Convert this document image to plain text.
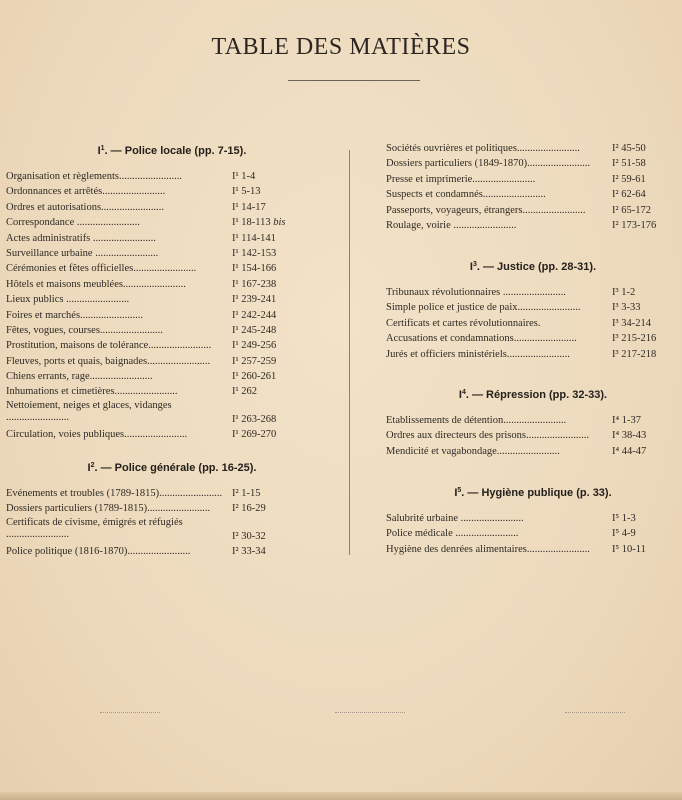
TABLE DES MATIÈRES
$I^1$. — Police locale (pp. 7-15).
Organisation et règlements........................	I¹ 1-4
Ordonnances et arrêtés........................	I¹ 5-13
Ordres et autorisations........................	I¹ 14-17
Correspondance ........................	I¹ 18-113 bis
Actes administratifs ........................	I¹ 114-141
Surveillance urbaine ........................	I¹ 142-153
Cérémonies et fêtes officielles........................	I¹ 154-166
Hôtels et maisons meublées........................	I¹ 167-238
Lieux publics ........................	I¹ 239-241
Foires et marchés........................	I¹ 242-244
Fêtes, vogues, courses........................	I¹ 245-248
Prostitution, maisons de tolérance........................	I¹ 249-256
Fleuves, ports et quais, baignades........................	I¹ 257-259
Chiens errants, rage........................	I¹ 260-261
Inhumations et cimetières........................	I¹ 262
Nettoiement, neiges et glaces, vidanges ........................	I¹ 263-268
Circulation, voies publiques........................	I¹ 269-270
$I^2$. — Police générale (pp. 16-25).
Evénements et troubles (1789-1815)........................ I² 1-15
Dossiers particuliers (1789-1815)........................	I² 16-29
Certificats de civisme, émigrés et réfugiés ........................	I² 30-32
Police politique (1816-1870)........................	I² 33-34
Sociétés ouvrières et politiques........................	I² 45-50
Dossiers particuliers (1849-1870)........................	I² 51-58
Presse et imprimerie........................	I² 59-61
Suspects et condamnés........................	I² 62-64
Passeports, voyageurs, étrangers........................	I² 65-172
Roulage, voirie ........................	I² 173-176
$I^3$. — Justice (pp. 28-31).
Tribunaux révolutionnaires ........................	I³ 1-2
Simple police et justice de paix........................	I³ 3-33
Certificats et cartes révolutionnaires.	I³ 34-214
Accusations et condamnations........................	I³ 215-216
Jurés et officiers ministériels........................	I³ 217-218
$I^4$. — Répression (pp. 32-33).
Etablissements de détention........................	I⁴ 1-37
Ordres aux directeurs des prisons........................	I⁴ 38-43
Mendicité et vagabondage........................	I⁴ 44-47
$I^5$. — Hygiène publique (p. 33).
Salubrité urbaine ........................	I⁵ 1-3
Police médicale ........................	I⁵ 4-9
Hygiène des denrées alimentaires........................	I⁵ 10-11
